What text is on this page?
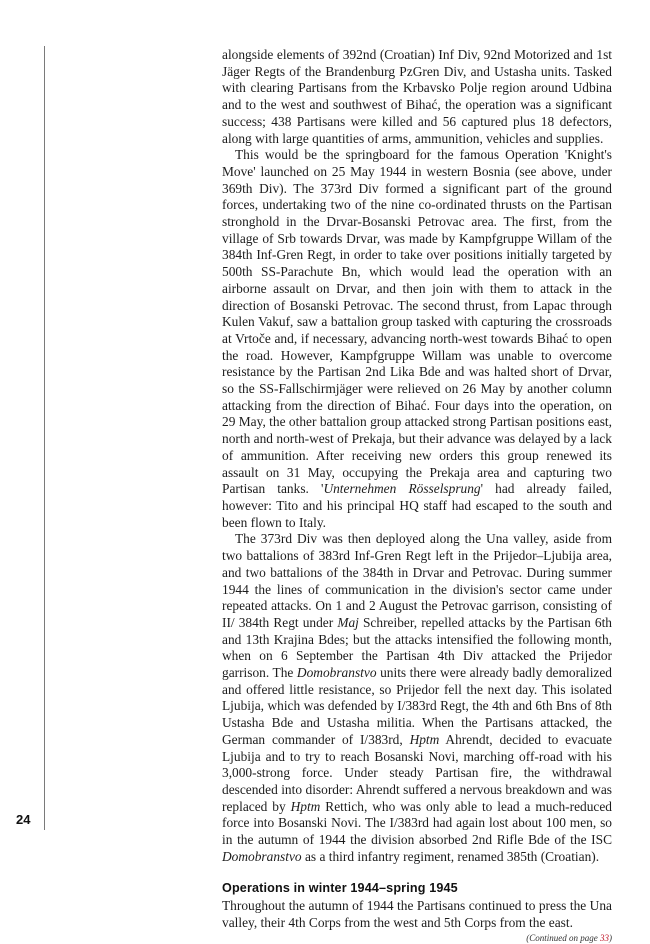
24

alongside elements of 392nd (Croatian) Inf Div, 92nd Motorized and 1st Jäger Regts of the Brandenburg PzGren Div, and Ustasha units. Tasked with clearing Partisans from the Krbavsko Polje region around Udbina and to the west and southwest of Bihać, the operation was a significant success; 438 Partisans were killed and 56 captured plus 18 defectors, along with large quantities of arms, ammunition, vehicles and supplies.

This would be the springboard for the famous Operation 'Knight's Move' launched on 25 May 1944 in western Bosnia (see above, under 369th Div). The 373rd Div formed a significant part of the ground forces, undertaking two of the nine co-ordinated thrusts on the Partisan stronghold in the Drvar-Bosanski Petrovac area. The first, from the village of Srb towards Drvar, was made by Kampfgruppe Willam of the 384th Inf-Gren Regt, in order to take over positions initially targeted by 500th SS-Parachute Bn, which would lead the operation with an airborne assault on Drvar, and then join with them to attack in the direction of Bosanski Petrovac. The second thrust, from Lapac through Kulen Vakuf, saw a battalion group tasked with capturing the crossroads at Vrtoče and, if necessary, advancing north-west towards Bihać to open the road. However, Kampfgruppe Willam was unable to overcome resistance by the Partisan 2nd Lika Bde and was halted short of Drvar, so the SS-Fallschirmjäger were relieved on 26 May by another column attacking from the direction of Bihać. Four days into the operation, on 29 May, the other battalion group attacked strong Partisan positions east, north and north-west of Prekaja, but their advance was delayed by a lack of ammunition. After receiving new orders this group renewed its assault on 31 May, occupying the Prekaja area and capturing two Partisan tanks. 'Unternehmen Rösselsprung' had already failed, however: Tito and his principal HQ staff had escaped to the south and been flown to Italy.

The 373rd Div was then deployed along the Una valley, aside from two battalions of 383rd Inf-Gren Regt left in the Prijedor–Ljubija area, and two battalions of the 384th in Drvar and Petrovac. During summer 1944 the lines of communication in the division's sector came under repeated attacks. On 1 and 2 August the Petrovac garrison, consisting of II/ 384th Regt under Maj Schreiber, repelled attacks by the Partisan 6th and 13th Krajina Bdes; but the attacks intensified the following month, when on 6 September the Partisan 4th Div attacked the Prijedor garrison. The Domobranstvo units there were already badly demoralized and offered little resistance, so Prijedor fell the next day. This isolated Ljubija, which was defended by I/383rd Regt, the 4th and 6th Bns of 8th Ustasha Bde and Ustasha militia. When the Partisans attacked, the German commander of I/383rd, Hptm Ahrendt, decided to evacuate Ljubija and to try to reach Bosanski Novi, marching off-road with his 3,000-strong force. Under steady Partisan fire, the withdrawal descended into disorder: Ahrendt suffered a nervous breakdown and was replaced by Hptm Rettich, who was only able to lead a much-reduced force into Bosanski Novi. The I/383rd had again lost about 100 men, so in the autumn of 1944 the division absorbed 2nd Rifle Bde of the ISC Domobranstvo as a third infantry regiment, renamed 385th (Croatian).

Operations in winter 1944–spring 1945

Throughout the autumn of 1944 the Partisans continued to press the Una valley, their 4th Corps from the west and 5th Corps from the east.

(Continued on page 33)
